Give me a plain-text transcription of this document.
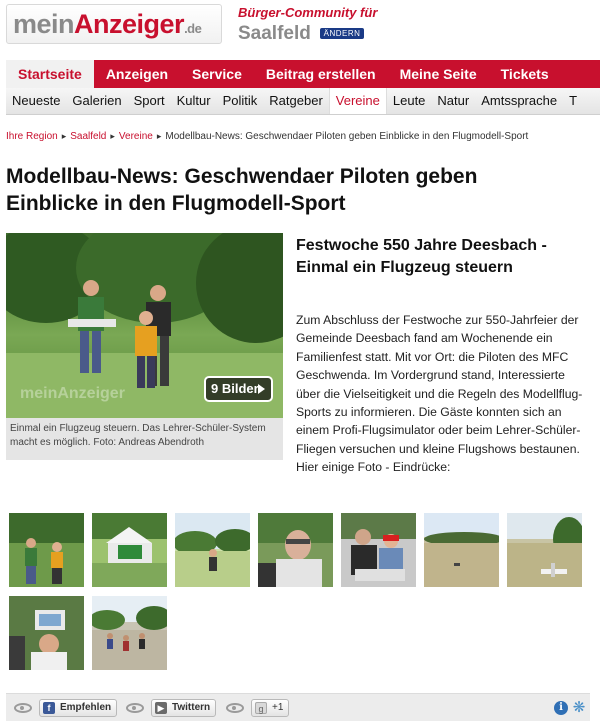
meinAnzeiger.de
Bürger-Community für
Saalfeld	ÄNDERN
Startseite	Anzeigen	Service	Beitrag erstellen	Meine Seite	Tickets
Neueste Galerien Sport Kultur Politik Ratgeber	Vereine	Leute Natur Amtssprache T
Ihre Region ▸ Saalfeld ▸ Vereine ▸ Modellbau-News: Geschwendaer Piloten geben Einblicke in den Flugmodell-Sport
Modellbau-News: Geschwendaer Piloten geben Einblicke in den Flugmodell-Sport
meinAnzeiger	9 Bilder
Einmal ein Flugzeug steuern. Das Lehrer-Schüler-System macht es möglich. Foto: Andreas Abendroth
Festwoche 550 Jahre Deesbach - Einmal ein Flugzeug steuern
Zum Abschluss der Festwoche zur 550-Jahrfeier der Gemeinde Deesbach fand am Wochenende ein Familienfest statt. Mit vor Ort: die Piloten des MFC Geschwenda. Im Vordergrund stand, Interessierte über die Vielseitigkeit und die Regeln des Modellflug-Sports zu informieren. Die Gäste konnten sich an einem Profi-Flugsimulator oder beim Lehrer-Schüler-Fliegen versuchen und kleine Flugshows bestaunen.
Hier einige Foto - Eindrücke:
f Empfehlen	▶ Twittern	g +1	i ❋
